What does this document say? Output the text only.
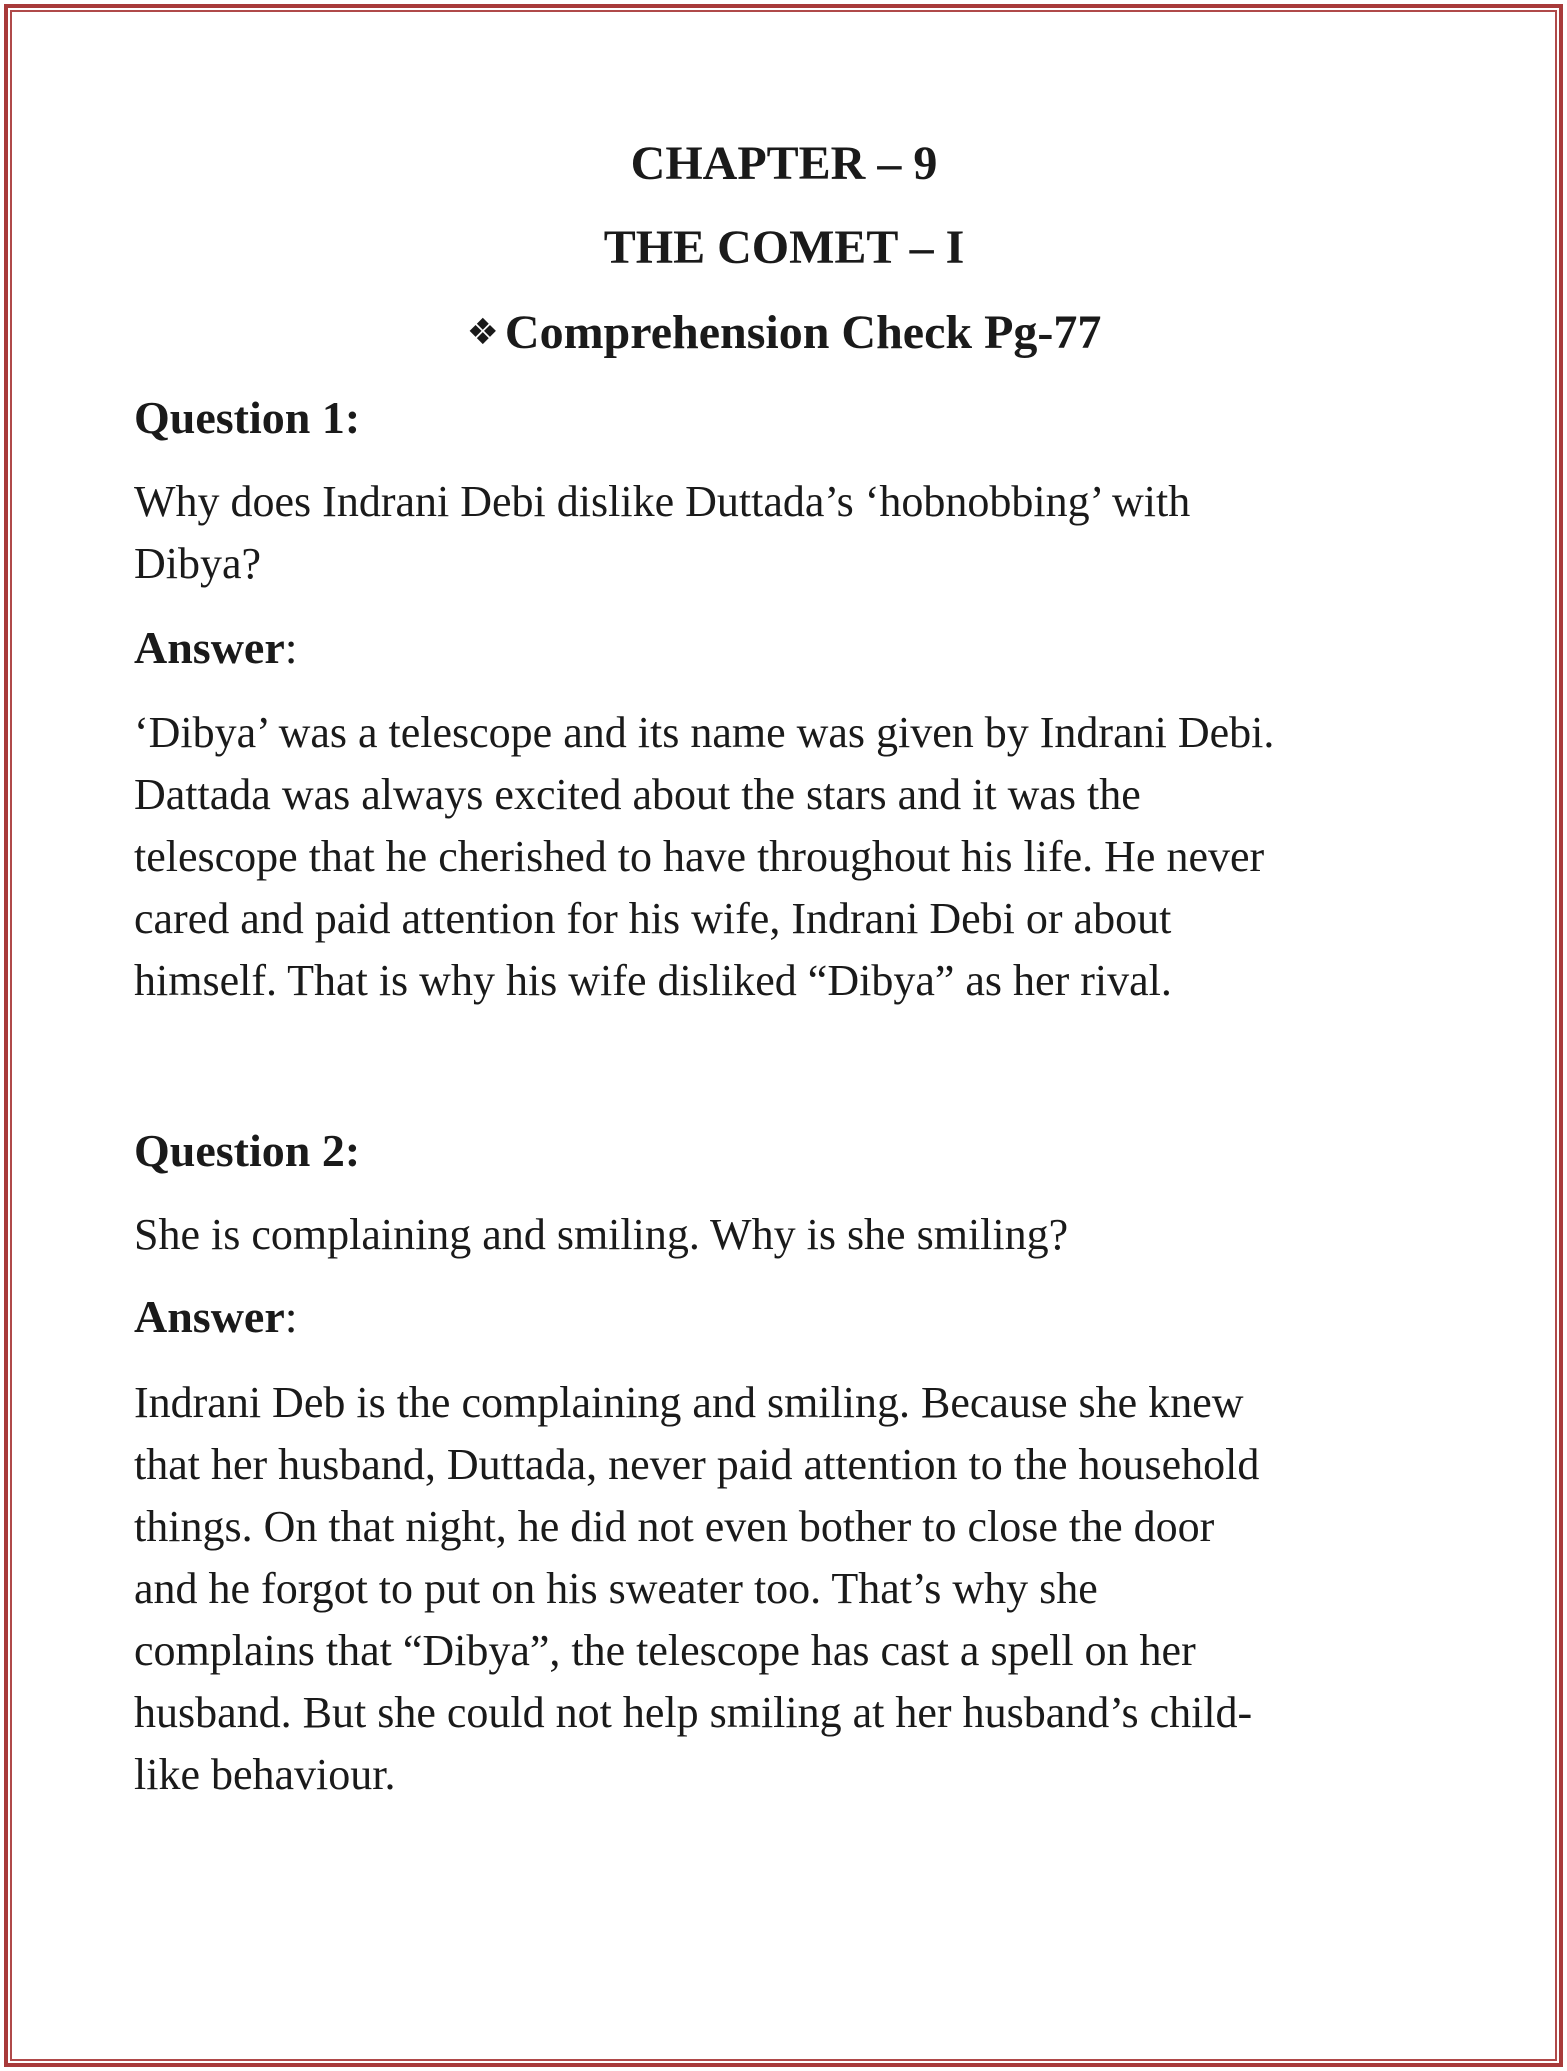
CHAPTER – 9
THE COMET – I
❖ Comprehension Check Pg-77
Question 1:

Why does Indrani Debi dislike Duttada’s ‘hobnobbing’ with
Dibya?

Answer:

‘Dibya’ was a telescope and its name was given by Indrani Debi.
Dattada was always excited about the stars and it was the
telescope that he cherished to have throughout his life. He never
cared and paid attention for his wife, Indrani Debi or about
himself. That is why his wife disliked “Dibya” as her rival.

Question 2:

She is complaining and smiling. Why is she smiling?

Answer:

Indrani Deb is the complaining and smiling. Because she knew
that her husband, Duttada, never paid attention to the household
things. On that night, he did not even bother to close the door
and he forgot to put on his sweater too. That’s why she
complains that “Dibya”, the telescope has cast a spell on her
husband. But she could not help smiling at her husband’s child-
like behaviour.
